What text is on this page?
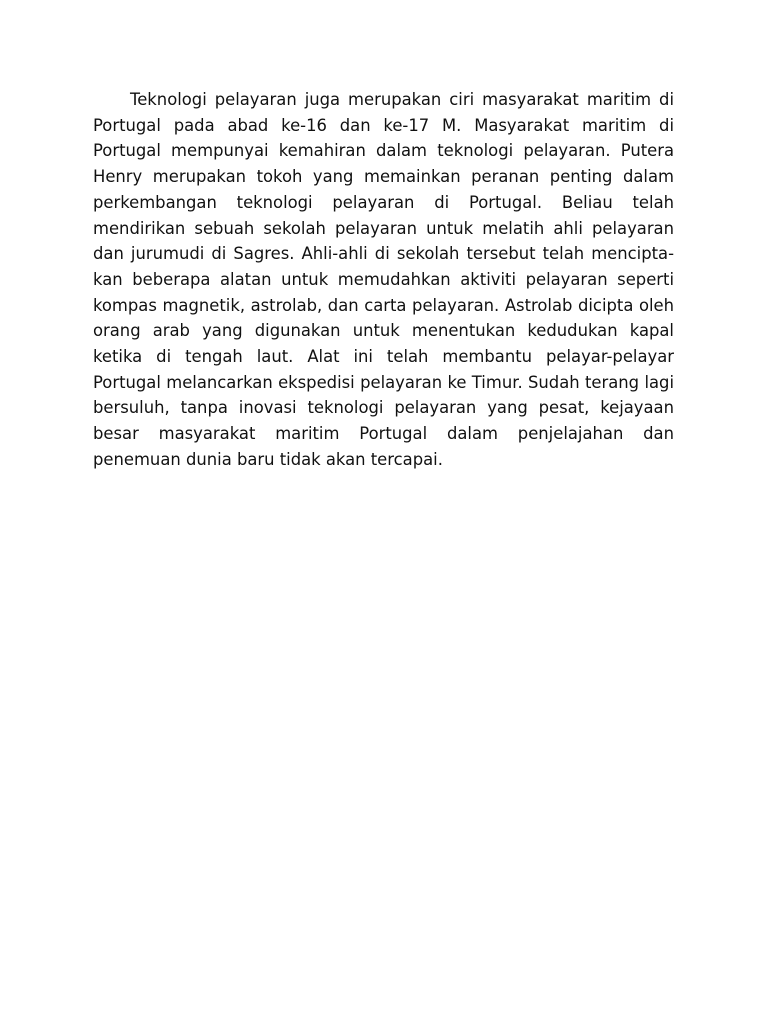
Teknologi pelayaran juga merupakan ciri masyarakat maritim di Portugal pada abad ke-16 dan ke-17 M. Masyarakat maritim di Portugal mempunyai kemahiran dalam teknologi pelayaran. Putera Henry merupakan tokoh yang memainkan peranan penting dalam perkembangan teknologi pelayaran di Portugal. Beliau telah mendirikan sebuah sekolah pelayaran untuk melatih ahli pelayaran dan jurumudi di Sagres. Ahli-ahli di sekolah tersebut telah menciptakan beberapa alatan untuk memudahkan aktiviti pelayaran seperti kompas magnetik, astrolab, dan carta pelayaran. Astrolab dicipta oleh orang arab yang digunakan untuk menentukan kedudukan kapal ketika di tengah laut. Alat ini telah membantu pelayar-pelayar Portugal melancarkan ekspedisi pelayaran ke Timur. Sudah terang lagi bersuluh, tanpa inovasi teknologi pelayaran yang pesat, kejayaan besar masyarakat maritim Portugal dalam penjelajahan dan penemuan dunia baru tidak akan tercapai.
